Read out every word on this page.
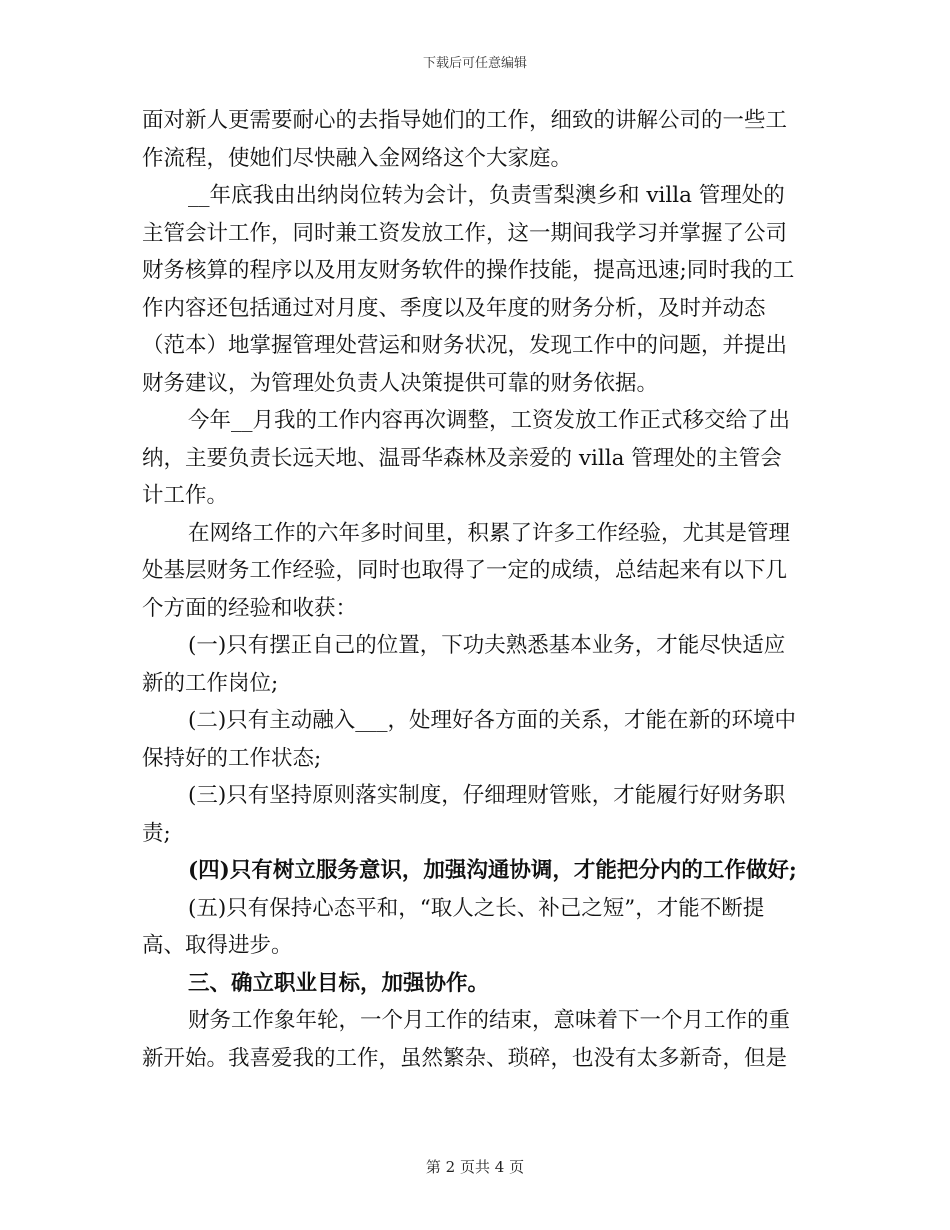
下载后可任意编辑
面对新人更需要耐心的去指导她们的工作，细致的讲解公司的一些工
作流程，使她们尽快融入金网络这个大家庭。
__年底我由出纳岗位转为会计，负责雪梨澳乡和 villa 管理处的
主管会计工作，同时兼工资发放工作，这一期间我学习并掌握了公司
财务核算的程序以及用友财务软件的操作技能，提高迅速;同时我的工
作内容还包括通过对月度、季度以及年度的财务分析，及时并动态
（范本）地掌握管理处营运和财务状况，发现工作中的问题，并提出
财务建议，为管理处负责人决策提供可靠的财务依据。
今年__月我的工作内容再次调整，工资发放工作正式移交给了出
纳，主要负责长远天地、温哥华森林及亲爱的 villa 管理处的主管会
计工作。
在网络工作的六年多时间里，积累了许多工作经验，尤其是管理
处基层财务工作经验，同时也取得了一定的成绩，总结起来有以下几
个方面的经验和收获：
(一)只有摆正自己的位置，下功夫熟悉基本业务，才能尽快适应
新的工作岗位;
(二)只有主动融入___，处理好各方面的关系，才能在新的环境中
保持好的工作状态;
(三)只有坚持原则落实制度，仔细理财管账，才能履行好财务职
责;
(四)只有树立服务意识，加强沟通协调，才能把分内的工作做好;
(五)只有保持心态平和，“取人之长、补己之短”，才能不断提
高、取得进步。
三、确立职业目标，加强协作。
财务工作象年轮，一个月工作的结束，意味着下一个月工作的重
新开始。我喜爱我的工作，虽然繁杂、琐碎，也没有太多新奇，但是
第 2 页共 4 页
